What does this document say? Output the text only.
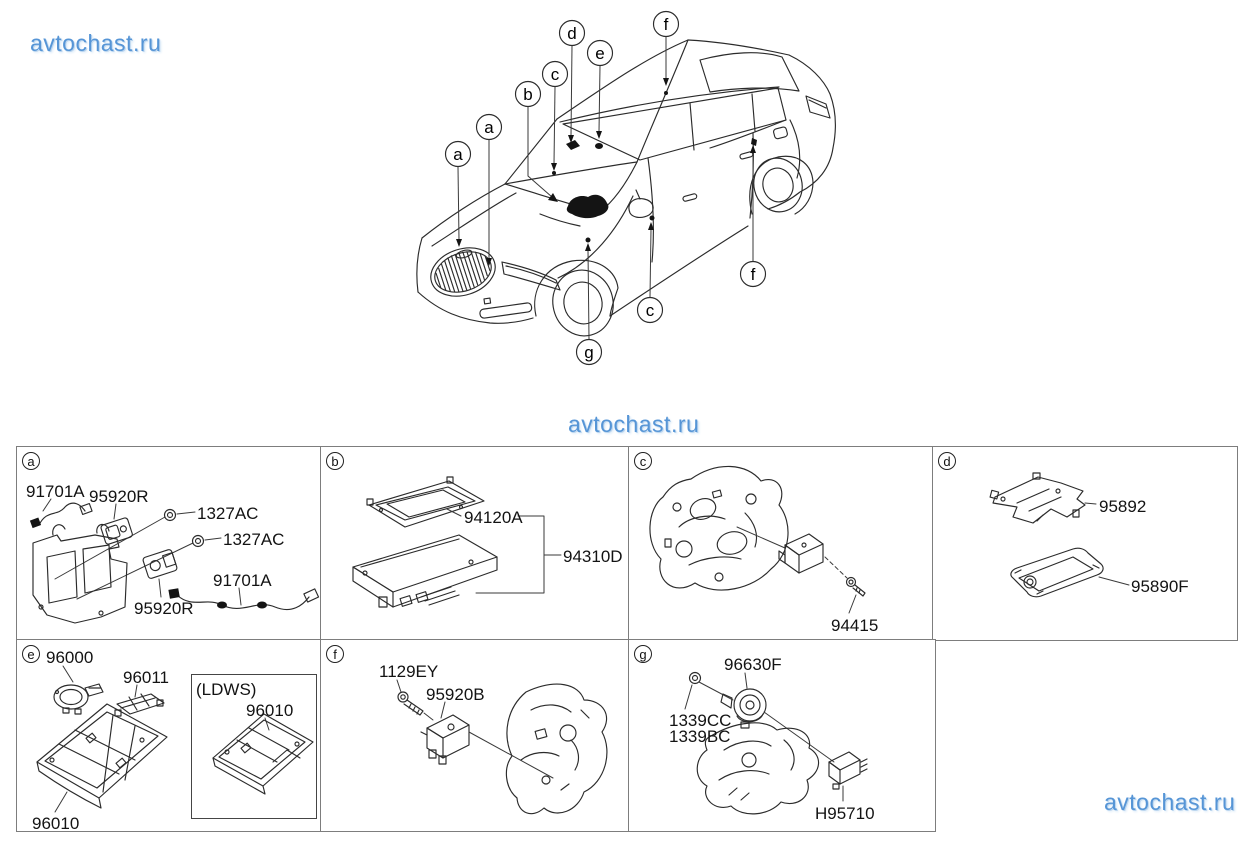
avtochast.ru
avtochast.ru
avtochast.ru
a
a
b
c
d
e
f
f
c
g
a
91701A 95920R
1327AC
1327AC
91701A
95920R
b
94120A
94310D
c
94415
d
95892
95890F
e 96000
96011
(LDWS)
96010
96010
f
1129EY
95920B
g
96630F
1339CC
1339BC
H95710
